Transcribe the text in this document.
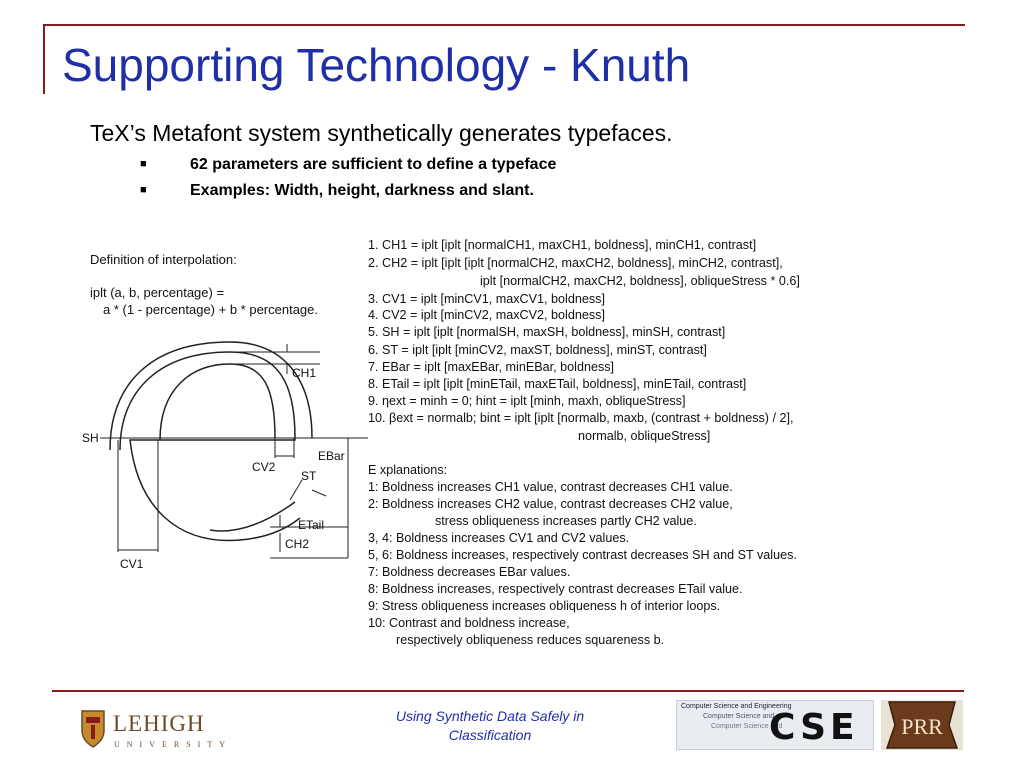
Supporting Technology - Knuth
TeX’s Metafont system synthetically generates typefaces.
■	62 parameters are sufficient to define a typeface
■	Examples: Width, height, darkness and slant.
Definition of interpolation:
iplt (a, b, percentage) =
a * (1 - percentage) + b * percentage.
CH1
SH
CV2
ST
EBar
ETail
CH2
CV1
1. CH1 = iplt [iplt [normalCH1, maxCH1, boldness], minCH1, contrast]
2. CH2 = iplt [iplt [iplt [normalCH2, maxCH2, boldness], minCH2, contrast],
iplt [normalCH2, maxCH2, boldness], obliqueStress * 0.6]
3. CV1 = iplt [minCV1, maxCV1, boldness]
4. CV2 = iplt [minCV2, maxCV2, boldness]
5. SH = iplt [iplt [normalSH, maxSH, boldness], minSH, contrast]
6. ST = iplt [iplt [minCV2, maxST, boldness], minST, contrast]
7. EBar = iplt [maxEBar, minEBar, boldness]
8. ETail = iplt [iplt [minETail, maxETail, boldness], minETail, contrast]
9. ηext = minh = 0; hint = iplt [minh, maxh, obliqueStress]
10. βext = normalb; bint = iplt [iplt [normalb, maxb, (contrast + boldness) / 2],
normalb, obliqueStress]
E xplanations:
1: Boldness increases CH1 value, contrast decreases CH1 value.
2: Boldness increases CH2 value, contrast decreases CH2 value,
stress obliqueness increases partly CH2 value.
3, 4: Boldness increases CV1 and CV2 values.
5, 6: Boldness increases, respectively contrast decreases SH and ST values.
7: Boldness decreases EBar values.
8: Boldness increases, respectively contrast decreases ETail value.
9: Stress obliqueness increases obliqueness h of interior loops.
10: Contrast and boldness increase,
respectively obliqueness reduces squareness b.
LEHIGH
UNIVERSITY
Using Synthetic Data Safely in
Classification
Computer Science and Engineering
Computer Science and
Computer Science and
CSE PRR
